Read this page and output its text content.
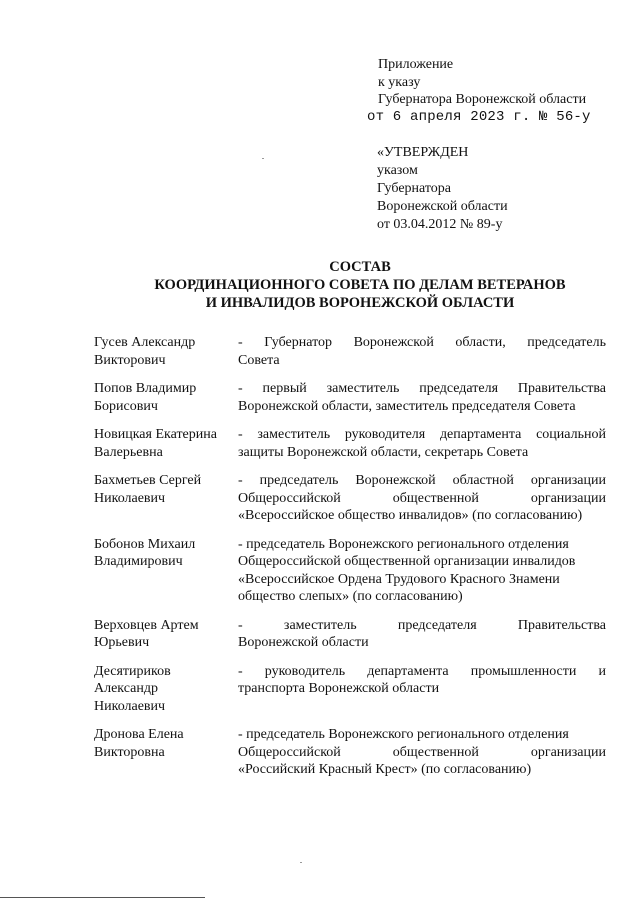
Приложение
к указу
Губернатора Воронежской области
от 6 апреля 2023 г. № 56-у
«УТВЕРЖДЕН
указом
Губернатора
Воронежской области
от 03.04.2012 № 89-у
СОСТАВ
КООРДИНАЦИОННОГО СОВЕТА ПО ДЕЛАМ ВЕТЕРАНОВ
И ИНВАЛИДОВ ВОРОНЕЖСКОЙ ОБЛАСТИ
Гусев Александр
Викторович
- Губернатор Воронежской области, председатель
Совета
Попов Владимир
Борисович
- первый заместитель председателя Правительства
Воронежской области, заместитель председателя Совета
Новицкая Екатерина
Валерьевна
- заместитель руководителя департамента социальной
защиты Воронежской области, секретарь Совета
Бахметьев Сергей
Николаевич
- председатель Воронежской областной организации
Общероссийской общественной организации
«Всероссийское общество инвалидов» (по согласованию)
Бобонов Михаил
Владимирович
- председатель Воронежского регионального отделения
Общероссийской общественной организации инвалидов
«Всероссийское Ордена Трудового Красного Знамени
общество слепых» (по согласованию)
Верховцев Артем
Юрьевич
- заместитель председателя Правительства
Воронежской области
Десятириков
Александр
Николаевич
- руководитель департамента промышленности и
транспорта Воронежской области
Дронова Елена
Викторовна
- председатель Воронежского регионального отделения
Общероссийской общественной организации
«Российский Красный Крест» (по согласованию)
